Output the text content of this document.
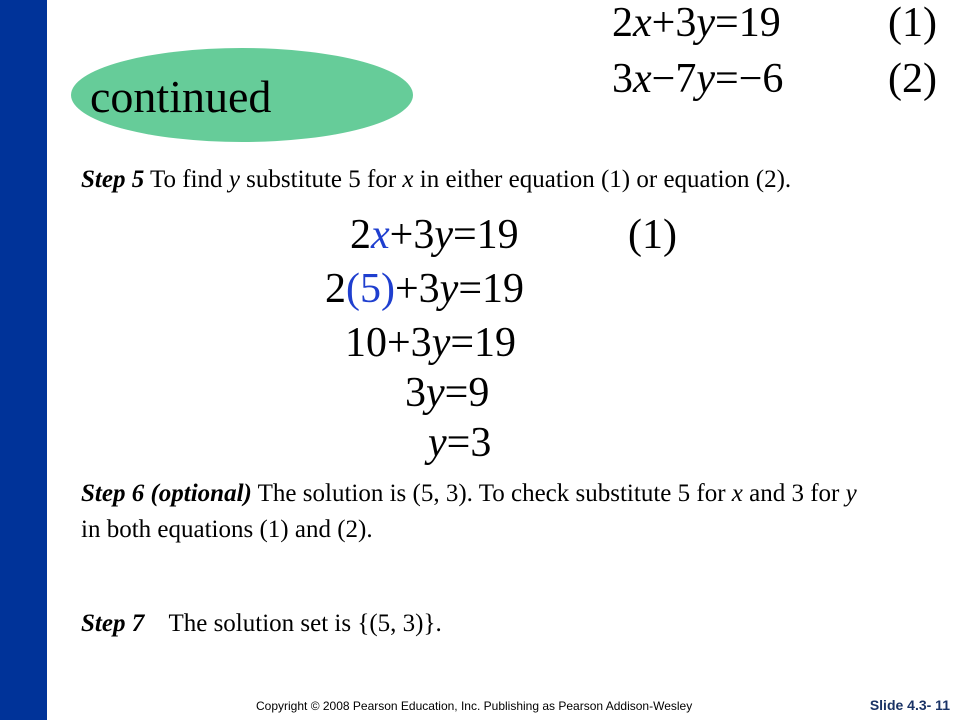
continued
2x+3y=19	(1)
3x−7y=−6 (2)
Step 5 To find y substitute 5 for x in either equation (1) or equation (2).
2x+3y=19	(1)
2(5)+3y=19
10+3y=19
3y=9
y=3
Step 6 (optional) The solution is (5, 3). To check substitute 5 for x and 3 for y in both equations (1) and (2).
Step 7 The solution set is {(5, 3)}.
Copyright © 2008 Pearson Education, Inc. Publishing as Pearson Addison-Wesley	Slide 4.3- 11
